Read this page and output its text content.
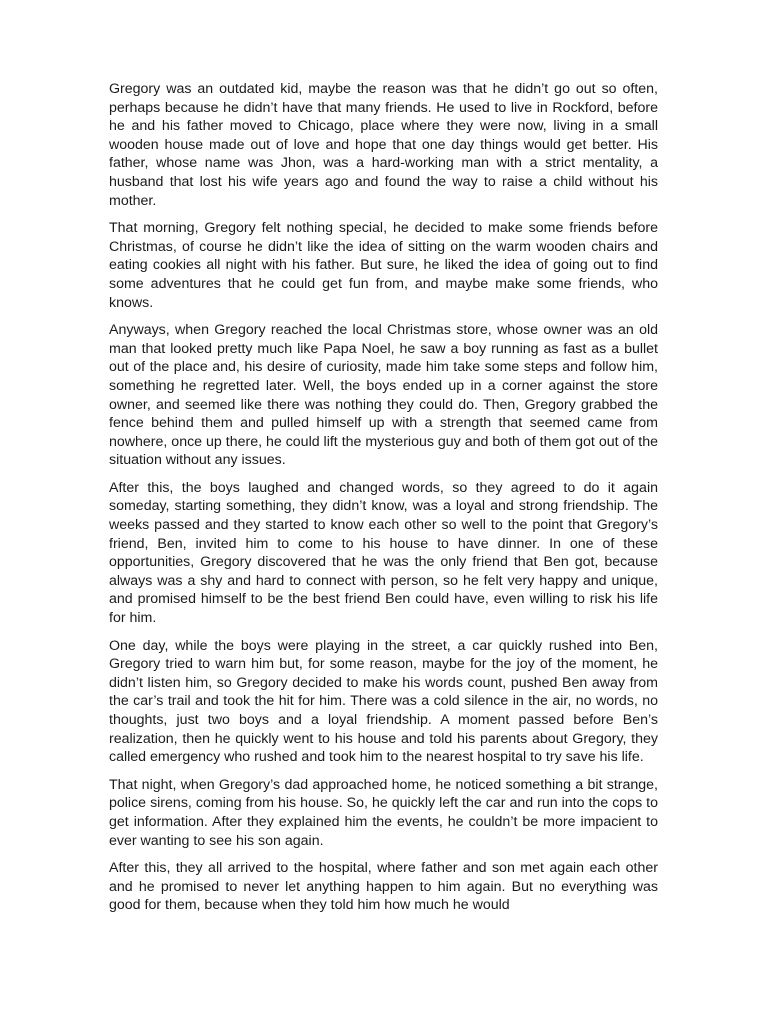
Gregory was an outdated kid, maybe the reason was that he didn’t go out so often, perhaps because he didn’t have that many friends. He used to live in Rockford, before he and his father moved to Chicago, place where they were now, living in a small wooden house made out of love and hope that one day things would get better. His father, whose name was Jhon, was a hard-working man with a strict mentality, a husband that lost his wife years ago and found the way to raise a child without his mother.

That morning, Gregory felt nothing special, he decided to make some friends before Christmas, of course he didn’t like the idea of sitting on the warm wooden chairs and eating cookies all night with his father. But sure, he liked the idea of going out to find some adventures that he could get fun from, and maybe make some friends, who knows.

Anyways, when Gregory reached the local Christmas store, whose owner was an old man that looked pretty much like Papa Noel, he saw a boy running as fast as a bullet out of the place and, his desire of curiosity, made him take some steps and follow him, something he regretted later. Well, the boys ended up in a corner against the store owner, and seemed like there was nothing they could do. Then, Gregory grabbed the fence behind them and pulled himself up with a strength that seemed came from nowhere, once up there, he could lift the mysterious guy and both of them got out of the situation without any issues.

After this, the boys laughed and changed words, so they agreed to do it again someday, starting something, they didn’t know, was a loyal and strong friendship. The weeks passed and they started to know each other so well to the point that Gregory’s friend, Ben, invited him to come to his house to have dinner. In one of these opportunities, Gregory discovered that he was the only friend that Ben got, because always was a shy and hard to connect with person, so he felt very happy and unique, and promised himself to be the best friend Ben could have, even willing to risk his life for him.

One day, while the boys were playing in the street, a car quickly rushed into Ben, Gregory tried to warn him but, for some reason, maybe for the joy of the moment, he didn’t listen him, so Gregory decided to make his words count, pushed Ben away from the car’s trail and took the hit for him. There was a cold silence in the air, no words, no thoughts, just two boys and a loyal friendship. A moment passed before Ben’s realization, then he quickly went to his house and told his parents about Gregory, they called emergency who rushed and took him to the nearest hospital to try save his life.

That night, when Gregory’s dad approached home, he noticed something a bit strange, police sirens, coming from his house. So, he quickly left the car and run into the cops to get information. After they explained him the events, he couldn’t be more impacient to ever wanting to see his son again.

After this, they all arrived to the hospital, where father and son met again each other and he promised to never let anything happen to him again. But no everything was good for them, because when they told him how much he would
